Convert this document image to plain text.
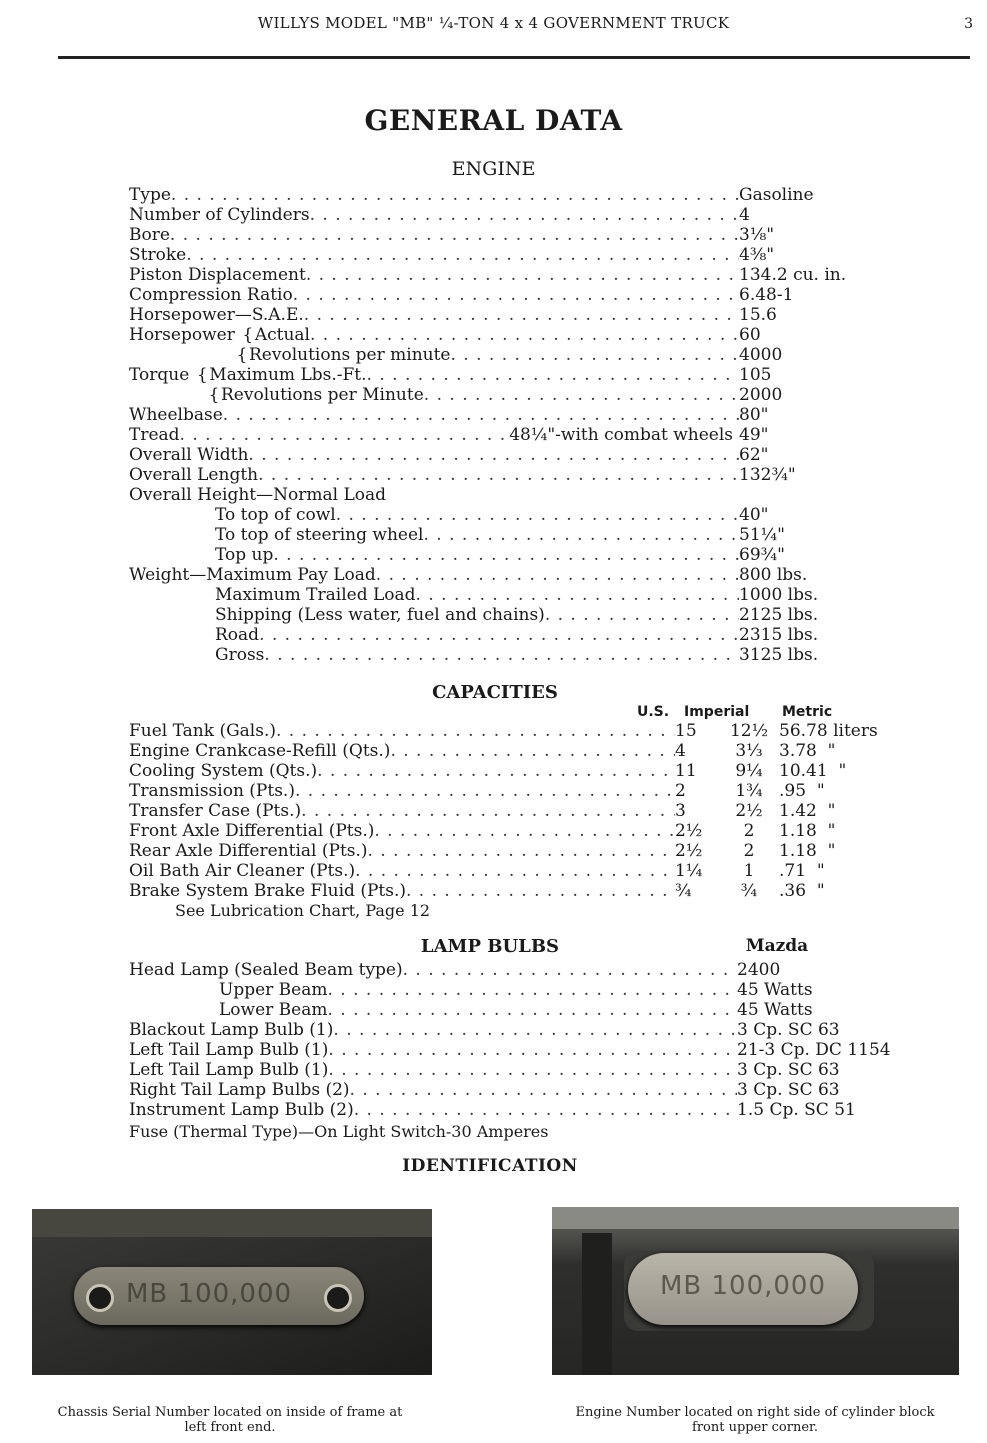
WILLYS MODEL "MB" ¼-TON 4 x 4 GOVERNMENT TRUCK	3
GENERAL DATA
ENGINE
Type . . .	Gasoline
Number of Cylinders . . .	4
Bore . . .	3⅛"
Stroke . . .	4⅜"
Piston Displacement . . .	134.2 cu. in.
Compression Ratio . . .	6.48-1
Horsepower—S.A.E. . . .	15.6
Horsepower { Actual . . .	60
{ Revolutions per minute . . .	4000
Torque { Maximum Lbs.-Ft. . . .	105
{ Revolutions per Minute . . .	2000
Wheelbase . . .	80"
Tread . . .	48¼"-with combat wheels 49"
Overall Width . . .	62"
Overall Length . . .	132¾"
Overall Height—Normal Load
To top of cowl . . .	40"
To top of steering wheel . . .	51¼"
Top up . . .	69¾"
Weight—Maximum Pay Load . . .	800 lbs.
Maximum Trailed Load . . .	1000 lbs.
Shipping (Less water, fuel and chains) . . .	2125 lbs.
Road . . .	2315 lbs.
Gross . . .	3125 lbs.
CAPACITIES
U.S. Imperial Metric
Fuel Tank (Gals.) . . .	15	12½ 56.78 liters
Engine Crankcase-Refill (Qts.) . . .	4	3⅓ 3.78  "
Cooling System (Qts.) . . .	11	9¼ 10.41  "
Transmission (Pts.) . . .	2	1¾ .95  "
Transfer Case (Pts.) . . .	3	2½ 1.42  "
Front Axle Differential (Pts.) . . .	2½	2	1.18  "
Rear Axle Differential (Pts.) . . .	2½	2	1.18  "
Oil Bath Air Cleaner (Pts.) . . .	1¼	1	.71  "
Brake System Brake Fluid (Pts.) . . .	¾	¾	.36  "
See Lubrication Chart, Page 12
LAMP BULBS	Mazda
Head Lamp (Sealed Beam type) . . .	2400
Upper Beam . . .	45 Watts
Lower Beam . . .	45 Watts
Blackout Lamp Bulb (1) . . .	3 Cp. SC 63
Left Tail Lamp Bulb (1) . . .	21-3 Cp. DC 1154
Left Tail Lamp Bulb (1) . . .	3 Cp. SC 63
Right Tail Lamp Bulbs (2) . . .	3 Cp. SC 63
Instrument Lamp Bulb (2) . . .	1.5 Cp. SC 51
Fuse (Thermal Type)—On Light Switch-30 Amperes
IDENTIFICATION
MB 100,000
Chassis Serial Number located on inside of frame at
left front end.
MB 100,000
Engine Number located on right side of cylinder block
front upper corner.
